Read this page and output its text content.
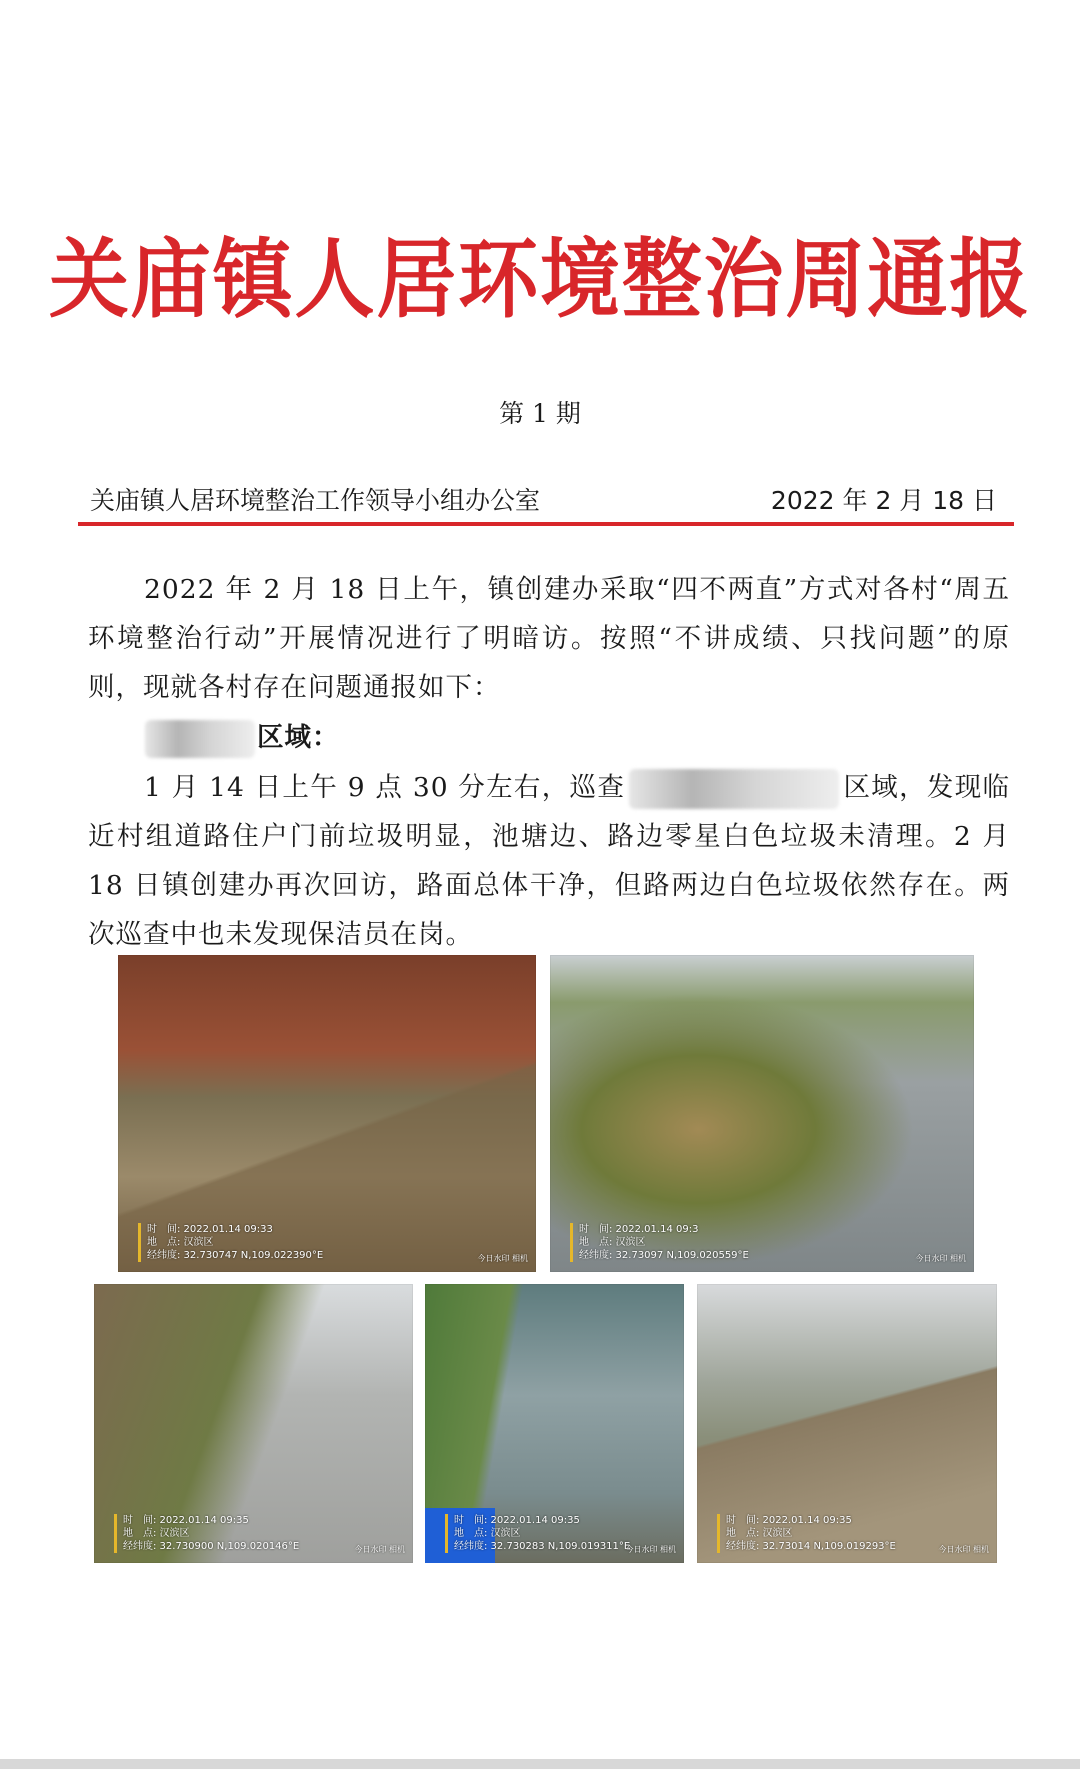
关庙镇人居环境整治周通报
第 1 期
关庙镇人居环境整治工作领导小组办公室	2022 年 2 月 18 日
2022 年 2 月 18 日上午，镇创建办采取“四不两直”方式对各村“周五环境整治行动”开展情况进行了明暗访。按照“不讲成绩、只找问题”的原则，现就各村存在问题通报如下：
区域：
1 月 14 日上午 9 点 30 分左右，巡查	区域，发现临近村组道路住户门前垃圾明显，池塘边、路边零星白色垃圾未清理。2 月 18 日镇创建办再次回访，路面总体干净，但路两边白色垃圾依然存在。两次巡查中也未发现保洁员在岗。
时　间: 2022.01.14 09:33
地　点: 汉滨区
经纬度: 32.730747 N,109.022390°E	今日水印 相机
时　间: 2022.01.14 09:3
地　点: 汉滨区
经纬度: 32.73097 N,109.020559°E	今日水印 相机
时　间: 2022.01.14 09:35
地　点: 汉滨区
经纬度: 32.730900 N,109.020146°E	今日水印 相机
时　间: 2022.01.14 09:35
地　点: 汉滨区
经纬度: 32.730283 N,109.019311°E
今日水印 相机
时　间: 2022.01.14 09:35
地　点: 汉滨区
经纬度: 32.73014 N,109.019293°E	今日水印 相机
